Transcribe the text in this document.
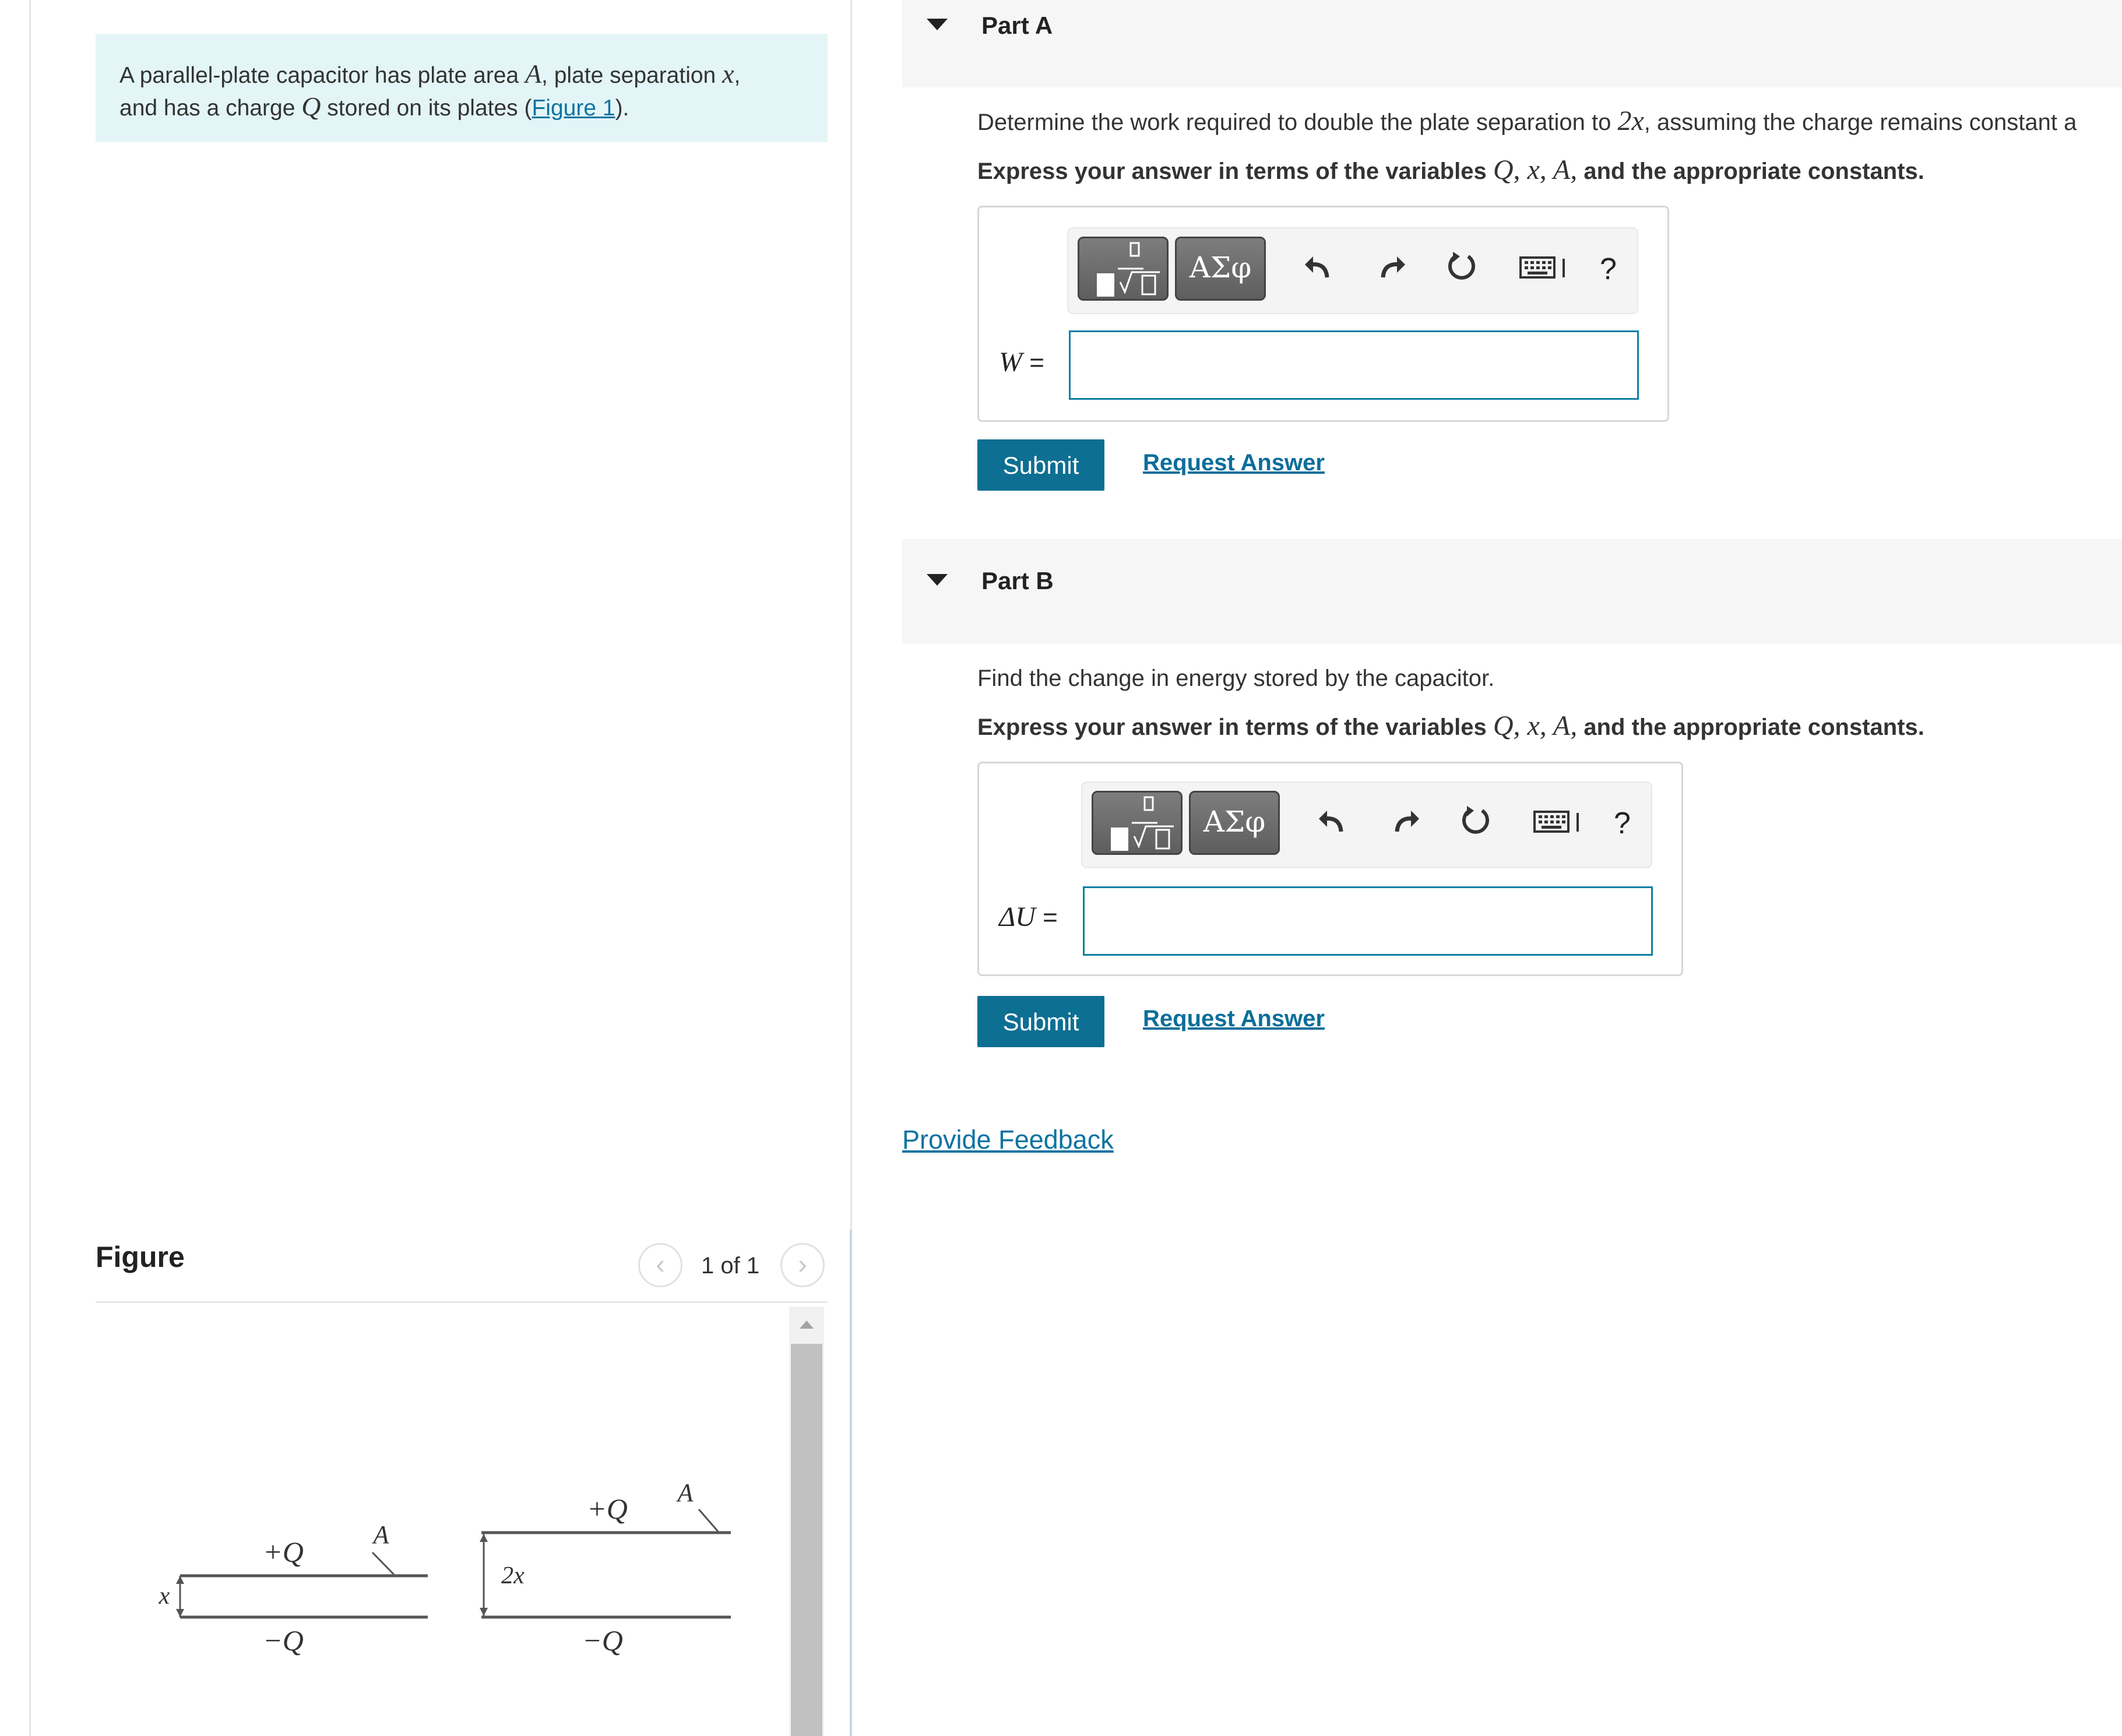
A parallel-plate capacitor has plate area A, plate separation x,
and has a charge Q stored on its plates (Figure 1).
Figure	‹	1 of 1	›
+Q
−Q
A
x
+Q
−Q
A
2x
Part A
Determine the work required to double the plate separation to 2x, assuming the charge remains constant a
Express your answer in terms of the variables Q, x, A, and the appropriate constants.
ΑΣφ	?
W =
Submit	Request Answer
Part B
Find the change in energy stored by the capacitor.
Express your answer in terms of the variables Q, x, A, and the appropriate constants.
ΑΣφ	?
ΔU =
Submit	Request Answer
Provide Feedback
